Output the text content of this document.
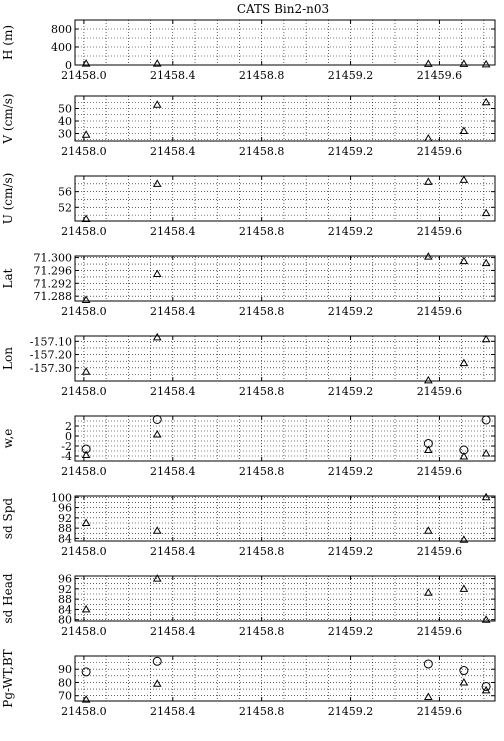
CATS Bin2-n03
21458.0	21458.4	21458.8	21459.2	21459.6
0
400
800
H (m)
21458.0	21458.4	21458.8	21459.2	21459.6
30
40
50
V (cm/s)
21458.0	21458.4	21458.8	21459.2	21459.6
52
56
U (cm/s)
21458.0	21458.4	21458.8	21459.2	21459.6
71.288
71.292
71.296
71.300
Lat
21458.0	21458.4	21458.8	21459.2	21459.6
-157.10
-157.20
-157.30
Lon
21458.0	21458.4	21458.8	21459.2	21459.6
-4
-2
0
2
w,e
21458.0	21458.4	21458.8	21459.2	21459.6
84
88
92
96
100
sd Spd
21458.0	21458.4	21458.8	21459.2	21459.6
80
84
88
92
96
sd Head
21458.0	21458.4	21458.8	21459.2	21459.6
70
80
90
Pg-WT,BT
